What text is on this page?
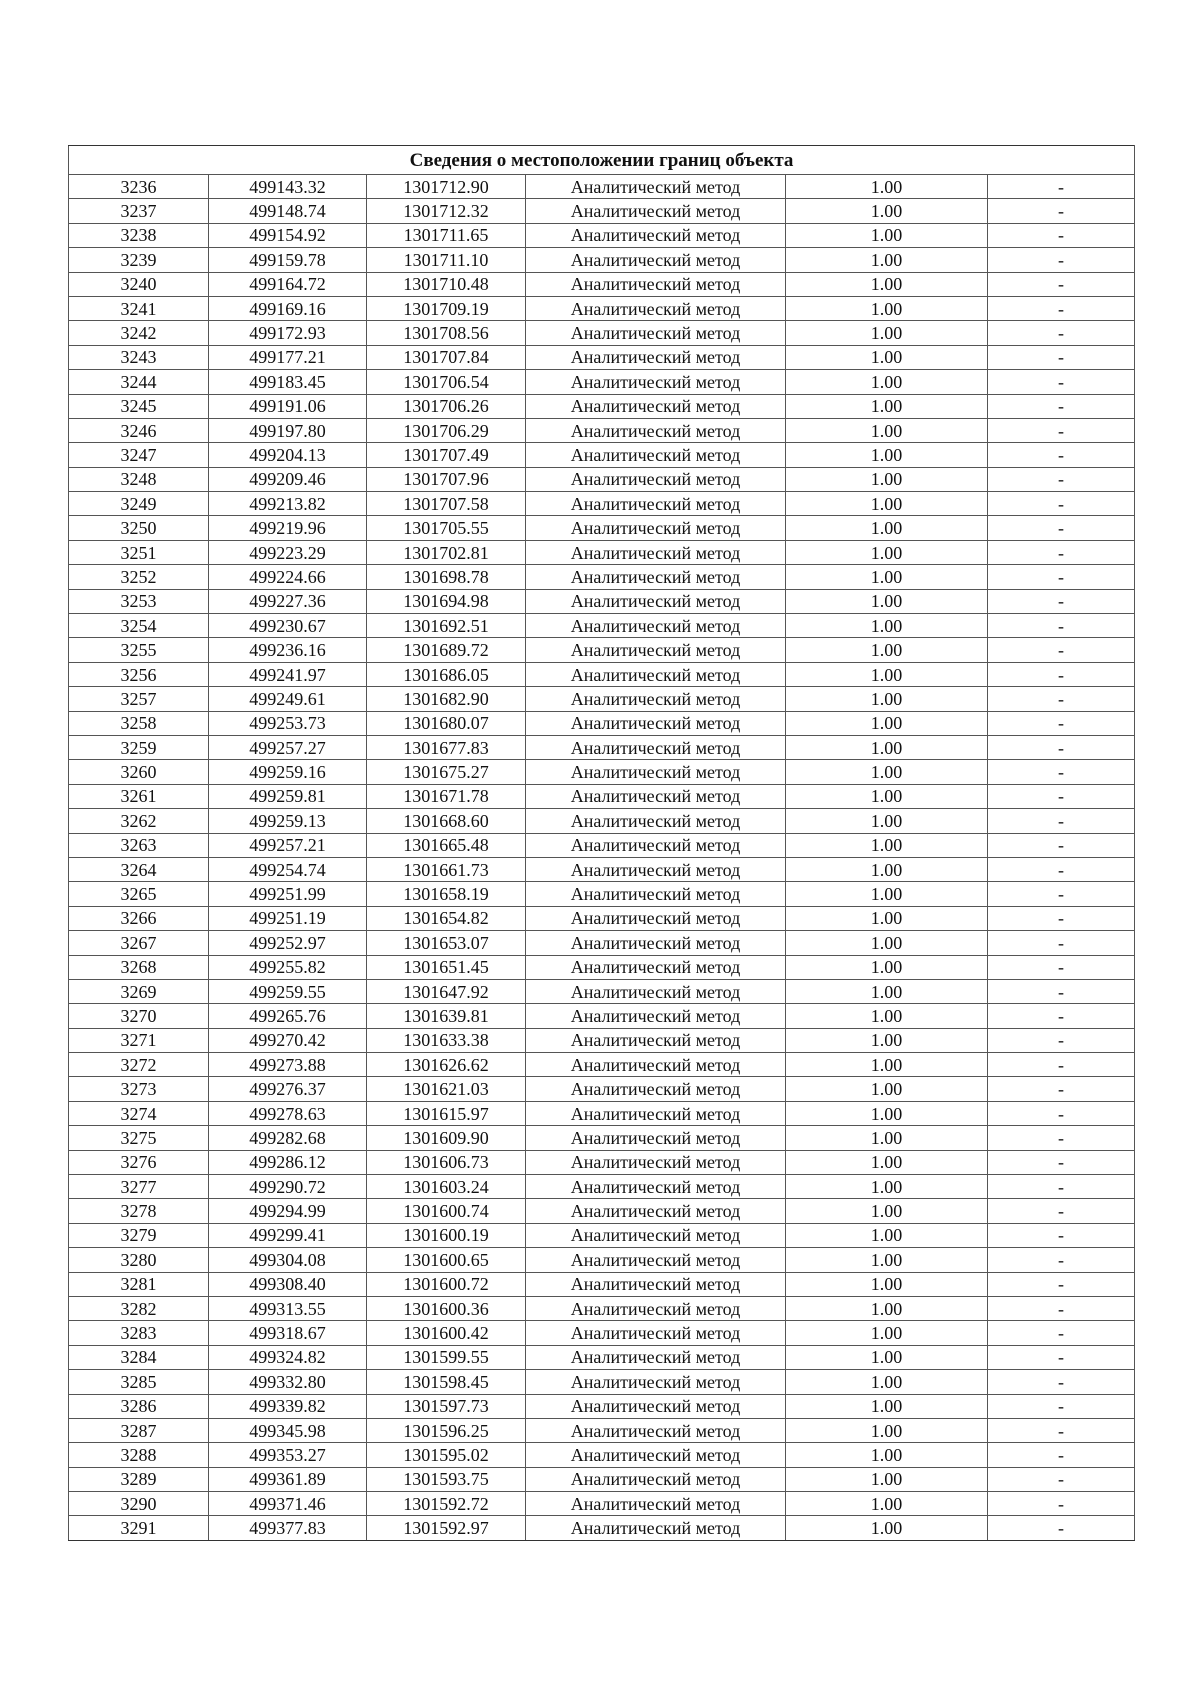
Сведения о местоположении границ объекта					
3236	499143.32	1301712.90	Аналитический метод	1.00	-
3237	499148.74	1301712.32	Аналитический метод	1.00	-
3238	499154.92	1301711.65	Аналитический метод	1.00	-
3239	499159.78	1301711.10	Аналитический метод	1.00	-
3240	499164.72	1301710.48	Аналитический метод	1.00	-
3241	499169.16	1301709.19	Аналитический метод	1.00	-
3242	499172.93	1301708.56	Аналитический метод	1.00	-
3243	499177.21	1301707.84	Аналитический метод	1.00	-
3244	499183.45	1301706.54	Аналитический метод	1.00	-
3245	499191.06	1301706.26	Аналитический метод	1.00	-
3246	499197.80	1301706.29	Аналитический метод	1.00	-
3247	499204.13	1301707.49	Аналитический метод	1.00	-
3248	499209.46	1301707.96	Аналитический метод	1.00	-
3249	499213.82	1301707.58	Аналитический метод	1.00	-
3250	499219.96	1301705.55	Аналитический метод	1.00	-
3251	499223.29	1301702.81	Аналитический метод	1.00	-
3252	499224.66	1301698.78	Аналитический метод	1.00	-
3253	499227.36	1301694.98	Аналитический метод	1.00	-
3254	499230.67	1301692.51	Аналитический метод	1.00	-
3255	499236.16	1301689.72	Аналитический метод	1.00	-
3256	499241.97	1301686.05	Аналитический метод	1.00	-
3257	499249.61	1301682.90	Аналитический метод	1.00	-
3258	499253.73	1301680.07	Аналитический метод	1.00	-
3259	499257.27	1301677.83	Аналитический метод	1.00	-
3260	499259.16	1301675.27	Аналитический метод	1.00	-
3261	499259.81	1301671.78	Аналитический метод	1.00	-
3262	499259.13	1301668.60	Аналитический метод	1.00	-
3263	499257.21	1301665.48	Аналитический метод	1.00	-
3264	499254.74	1301661.73	Аналитический метод	1.00	-
3265	499251.99	1301658.19	Аналитический метод	1.00	-
3266	499251.19	1301654.82	Аналитический метод	1.00	-
3267	499252.97	1301653.07	Аналитический метод	1.00	-
3268	499255.82	1301651.45	Аналитический метод	1.00	-
3269	499259.55	1301647.92	Аналитический метод	1.00	-
3270	499265.76	1301639.81	Аналитический метод	1.00	-
3271	499270.42	1301633.38	Аналитический метод	1.00	-
3272	499273.88	1301626.62	Аналитический метод	1.00	-
3273	499276.37	1301621.03	Аналитический метод	1.00	-
3274	499278.63	1301615.97	Аналитический метод	1.00	-
3275	499282.68	1301609.90	Аналитический метод	1.00	-
3276	499286.12	1301606.73	Аналитический метод	1.00	-
3277	499290.72	1301603.24	Аналитический метод	1.00	-
3278	499294.99	1301600.74	Аналитический метод	1.00	-
3279	499299.41	1301600.19	Аналитический метод	1.00	-
3280	499304.08	1301600.65	Аналитический метод	1.00	-
3281	499308.40	1301600.72	Аналитический метод	1.00	-
3282	499313.55	1301600.36	Аналитический метод	1.00	-
3283	499318.67	1301600.42	Аналитический метод	1.00	-
3284	499324.82	1301599.55	Аналитический метод	1.00	-
3285	499332.80	1301598.45	Аналитический метод	1.00	-
3286	499339.82	1301597.73	Аналитический метод	1.00	-
3287	499345.98	1301596.25	Аналитический метод	1.00	-
3288	499353.27	1301595.02	Аналитический метод	1.00	-
3289	499361.89	1301593.75	Аналитический метод	1.00	-
3290	499371.46	1301592.72	Аналитический метод	1.00	-
3291	499377.83	1301592.97	Аналитический метод	1.00	-
